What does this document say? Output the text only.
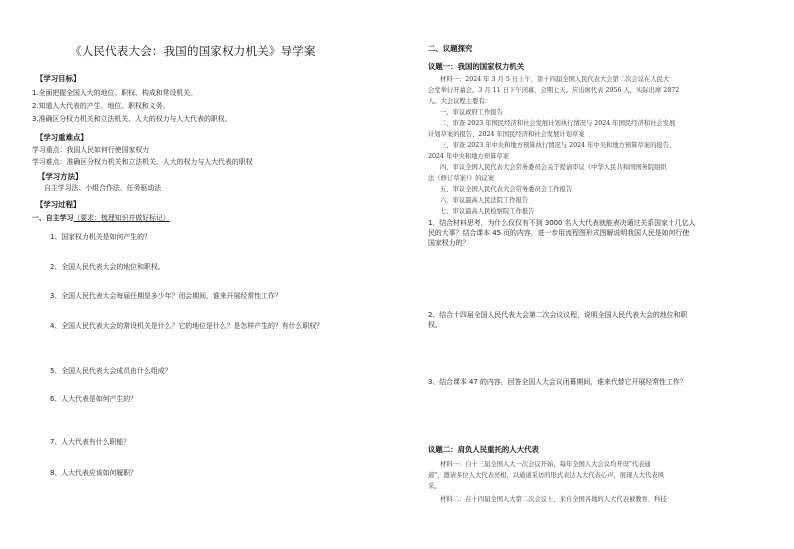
《人民代表大会：我国的国家权力机关》导学案
【学习目标】
1.全面把握全国人大的地位、职权、构成和常设机关。
2.知道人大代表的产生、地位、职权和义务。
3.准确区分权力机关和立法机关、人大的权力与人大代表的职权。
【学习重难点】
学习重点：我国人民如何行使国家权力
学习难点：准确区分权力机关和立法机关、人大的权力与人大代表的职权
【学习方法】
自主学习法、小组合作法、任务驱动法
【学习过程】
一、自主学习（要求：梳理知识并做好标记）
1、国家权力机关是如何产生的？
2、全国人民代表大会的地位和职权。
3、全国人民代表大会每届任期是多少年？闭会期间，谁来开展经常性工作？
4、全国人民代表大会的常设机关是什么？它的地位是什么？是怎样产生的？有什么职权？
5、全国人民代表大会成员由什么组成？
6、人大代表是如何产生的？
7、人大代表有什么职能？
8、人大代表应该如何履职？
二、议题探究
议题一：我国的国家权力机关
材料一：2024 年 3 月 5 日上午，第十四届全国人民代表大会第二次会议在人民大
会堂举行开幕会。3 月 11 日下午闭幕，会期七天。应出席代表 2956 人，实际出席 2872
人。大会议程主要有：
一、审议政府工作报告
二、审查 2023 年国民经济和社会发展计划执行情况与 2024 年国民经济和社会发展
计划草案的报告、2024 年国民经济和社会发展计划草案
三、审查 2023 年中央和地方预算执行情况与 2024 年中央和地方预算草案的报告、
2024 年中央和地方预算草案
四、审议全国人民代表大会常务委员会关于提请审议《中华人民共和国国务院组织
法（修订草案）》的议案
五、审议全国人民代表大会常务委员会工作报告
六、审议最高人民法院工作报告
七、审议最高人民检察院工作报告
1、结合材料思考，为什么仅仅有不到 3000 名人大代表就能表决通过关系国家十几亿人
民的大事？结合课本 45 页的内容，进一步用流程图形式图解说明我国人民是如何行使
国家权力的？
2、结合十四届全国人民代表大会第二次会议议程，说明全国人民代表大会的地位和职
权。
3、结合课本 47 的内容，回答全国人大会议闭幕期间，谁来代替它开展经常性工作？
议题二：肩负人民重托的人大代表
材料一：自十三届全国人大一次会议开始，每年全国人大会议均开设"代表通
道"，邀请多位人大代表亮相，以通道采访的形式表达人大代表心声，展现人大代表风
采。
材料二：在十四届全国人大第二次会议上，来自全国各地的人大代表被教育、科技
